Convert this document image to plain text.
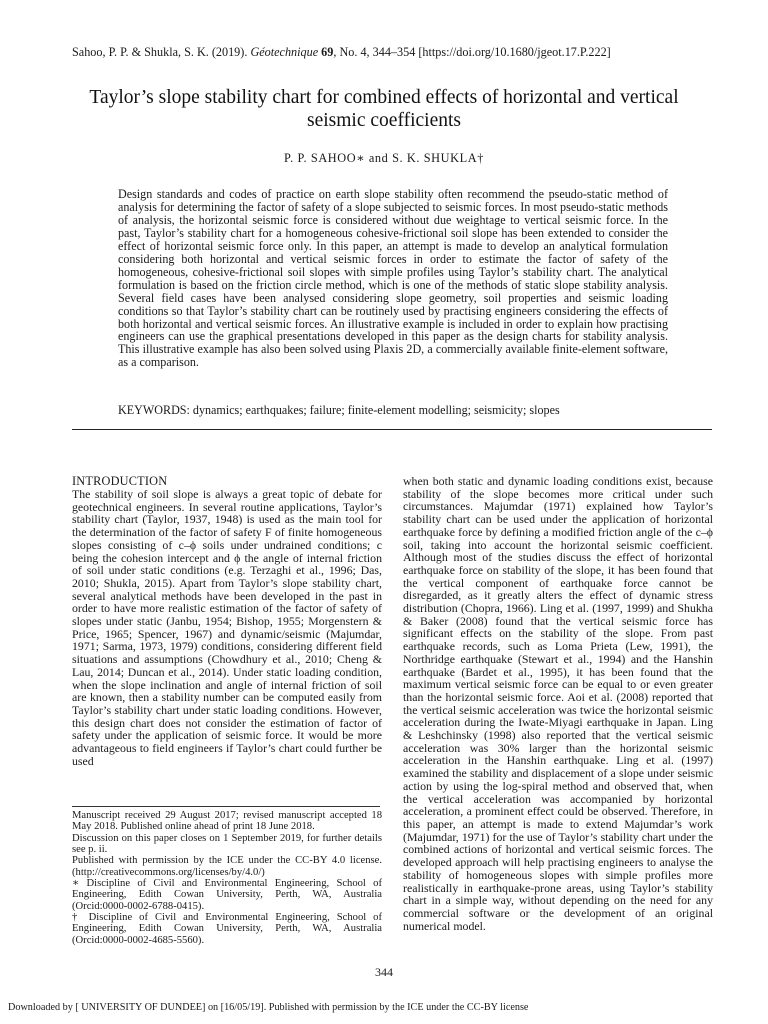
Sahoo, P. P. & Shukla, S. K. (2019). Géotechnique 69, No. 4, 344–354 [https://doi.org/10.1680/jgeot.17.P.222]
Taylor’s slope stability chart for combined effects of horizontal and vertical seismic coefficients
P. P. SAHOO∗ and S. K. SHUKLA†
Design standards and codes of practice on earth slope stability often recommend the pseudo-static method of analysis for determining the factor of safety of a slope subjected to seismic forces. In most pseudo-static methods of analysis, the horizontal seismic force is considered without due weightage to vertical seismic force. In the past, Taylor’s stability chart for a homogeneous cohesive-frictional soil slope has been extended to consider the effect of horizontal seismic force only. In this paper, an attempt is made to develop an analytical formulation considering both horizontal and vertical seismic forces in order to estimate the factor of safety of the homogeneous, cohesive-frictional soil slopes with simple profiles using Taylor’s stability chart. The analytical formulation is based on the friction circle method, which is one of the methods of static slope stability analysis. Several field cases have been analysed considering slope geometry, soil properties and seismic loading conditions so that Taylor’s stability chart can be routinely used by practising engineers considering the effects of both horizontal and vertical seismic forces. An illustrative example is included in order to explain how practising engineers can use the graphical presentations developed in this paper as the design charts for stability analysis. This illustrative example has also been solved using Plaxis 2D, a commercially available finite-element software, as a comparison.
KEYWORDS: dynamics; earthquakes; failure; finite-element modelling; seismicity; slopes
INTRODUCTION
The stability of soil slope is always a great topic of debate for geotechnical engineers. In several routine applications, Taylor’s stability chart (Taylor, 1937, 1948) is used as the main tool for the determination of the factor of safety F of finite homogeneous slopes consisting of c–ϕ soils under undrained conditions; c being the cohesion intercept and ϕ the angle of internal friction of soil under static conditions (e.g. Terzaghi et al., 1996; Das, 2010; Shukla, 2015). Apart from Taylor’s slope stability chart, several analytical methods have been developed in the past in order to have more realistic estimation of the factor of safety of slopes under static (Janbu, 1954; Bishop, 1955; Morgenstern & Price, 1965; Spencer, 1967) and dynamic/seismic (Majumdar, 1971; Sarma, 1973, 1979) conditions, considering different field situations and assumptions (Chowdhury et al., 2010; Cheng & Lau, 2014; Duncan et al., 2014). Under static loading condition, when the slope inclination and angle of internal friction of soil are known, then a stability number can be computed easily from Taylor’s stability chart under static loading conditions. However, this design chart does not consider the estimation of factor of safety under the application of seismic force. It would be more advantageous to field engineers if Taylor’s chart could further be used
when both static and dynamic loading conditions exist, because stability of the slope becomes more critical under such circumstances. Majumdar (1971) explained how Taylor’s stability chart can be used under the application of horizontal earthquake force by defining a modified friction angle of the c–ϕ soil, taking into account the horizontal seismic coefficient. Although most of the studies discuss the effect of horizontal earthquake force on stability of the slope, it has been found that the vertical component of earthquake force cannot be disregarded, as it greatly alters the effect of dynamic stress distribution (Chopra, 1966). Ling et al. (1997, 1999) and Shukha & Baker (2008) found that the vertical seismic force has significant effects on the stability of the slope. From past earthquake records, such as Loma Prieta (Lew, 1991), the Northridge earthquake (Stewart et al., 1994) and the Hanshin earthquake (Bardet et al., 1995), it has been found that the maximum vertical seismic force can be equal to or even greater than the horizontal seismic force. Aoi et al. (2008) reported that the vertical seismic acceleration was twice the horizontal seismic acceleration during the Iwate-Miyagi earthquake in Japan. Ling & Leshchinsky (1998) also reported that the vertical seismic acceleration was 30% larger than the horizontal seismic acceleration in the Hanshin earthquake. Ling et al. (1997) examined the stability and displacement of a slope under seismic action by using the log-spiral method and observed that, when the vertical acceleration was accompanied by horizontal acceleration, a prominent effect could be observed. Therefore, in this paper, an attempt is made to extend Majumdar’s work (Majumdar, 1971) for the use of Taylor’s stability chart under the combined actions of horizontal and vertical seismic forces. The developed approach will help practising engineers to analyse the stability of homogeneous slopes with simple profiles more realistically in earthquake-prone areas, using Taylor’s stability chart in a simple way, without depending on the need for any commercial software or the development of an original numerical model.

Manuscript received 29 August 2017; revised manuscript accepted 18 May 2018. Published online ahead of print 18 June 2018.

Discussion on this paper closes on 1 September 2019, for further details see p. ii.

Published with permission by the ICE under the CC-BY 4.0 license. (http://creativecommons.org/licenses/by/4.0/)

∗ Discipline of Civil and Environmental Engineering, School of Engineering, Edith Cowan University, Perth, WA, Australia (Orcid:0000-0002-6788-0415).

† Discipline of Civil and Environmental Engineering, School of Engineering, Edith Cowan University, Perth, WA, Australia (Orcid:0000-0002-4685-5560).

344
Downloaded by [ UNIVERSITY OF DUNDEE] on [16/05/19]. Published with permission by the ICE under the CC-BY license
